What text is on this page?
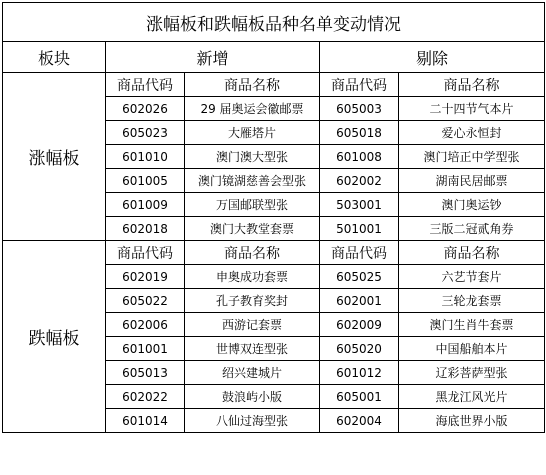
涨幅板和跌幅板品种名单变动情况				
板块	新增		剔除	
涨幅板	商品代码	商品名称	商品代码	商品名称
	602026	29 届奥运会徽邮票	605003	二十四节气本片
	605023	大雁塔片	605018	爱心永恒封
	601010	澳门澳大型张	601008	澳门培正中学型张
	601005	澳门镜湖慈善会型张	602002	湖南民居邮票
	601009	万国邮联型张	503001	澳门奥运钞
	602018	澳门大教堂套票	501001	三版二冠贰角券
跌幅板	商品代码	商品名称	商品代码	商品名称
	602019	申奥成功套票	605025	六艺节套片
	605022	孔子教育奖封	602001	三轮龙套票
	602006	西游记套票	602009	澳门生肖牛套票
	601001	世博双连型张	605020	中国船舶本片
	605013	绍兴建城片	601012	辽彩菩萨型张
	602022	鼓浪屿小版	605001	黑龙江风光片
	601014	八仙过海型张	602004	海底世界小版
